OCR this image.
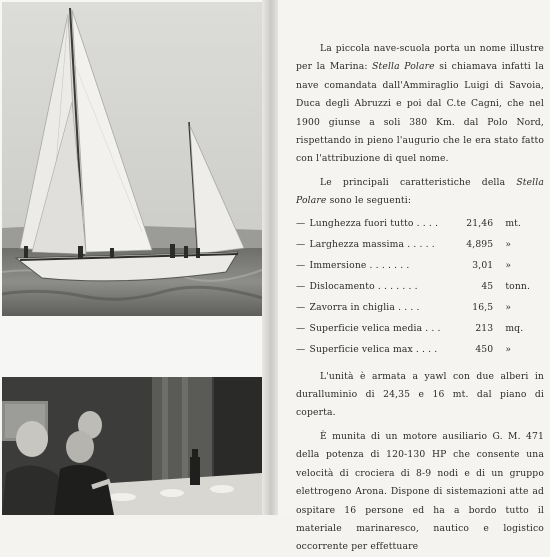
La piccola nave-scuola porta un nome illustre per la Marina: Stella Polare si chiamava infatti la nave comandata dall'Ammiraglio Luigi di Savoia, Duca degli Abruzzi e poi dal C.te Cagni, che nel 1900 giunse a soli 380 Km. dal Polo Nord, rispettando in pieno l'augurio che le era stato fatto con l'attribuzione di quel nome.

Le principali caratteristiche della Stella Polare sono le seguenti:

— Lunghezza fuori tutto . . . .	21,46	mt.
— Larghezza massima . . . . .	4,895	»
— Immersione . . . . . . .	3,01	»
— Dislocamento . . . . . . .	45	tonn.
— Zavorra in chiglia . . . .	16,5	»
— Superficie velica media . . .	213	mq.
— Superficie velica max . . . .	450	»

L'unità è armata a yawl con due alberi in duralluminio di 24,35 e 16 mt. dal piano di coperta.

È munita di un motore ausiliario G. M. 471 della potenza di 120-130 HP che consente una velocità di crociera di 8-9 nodi e di un gruppo elettrogeno Arona. Dispone di sistemazioni atte ad ospitare 16 persone ed ha a bordo tutto il materiale marinaresco, nautico e logistico occorrente per effettuare
